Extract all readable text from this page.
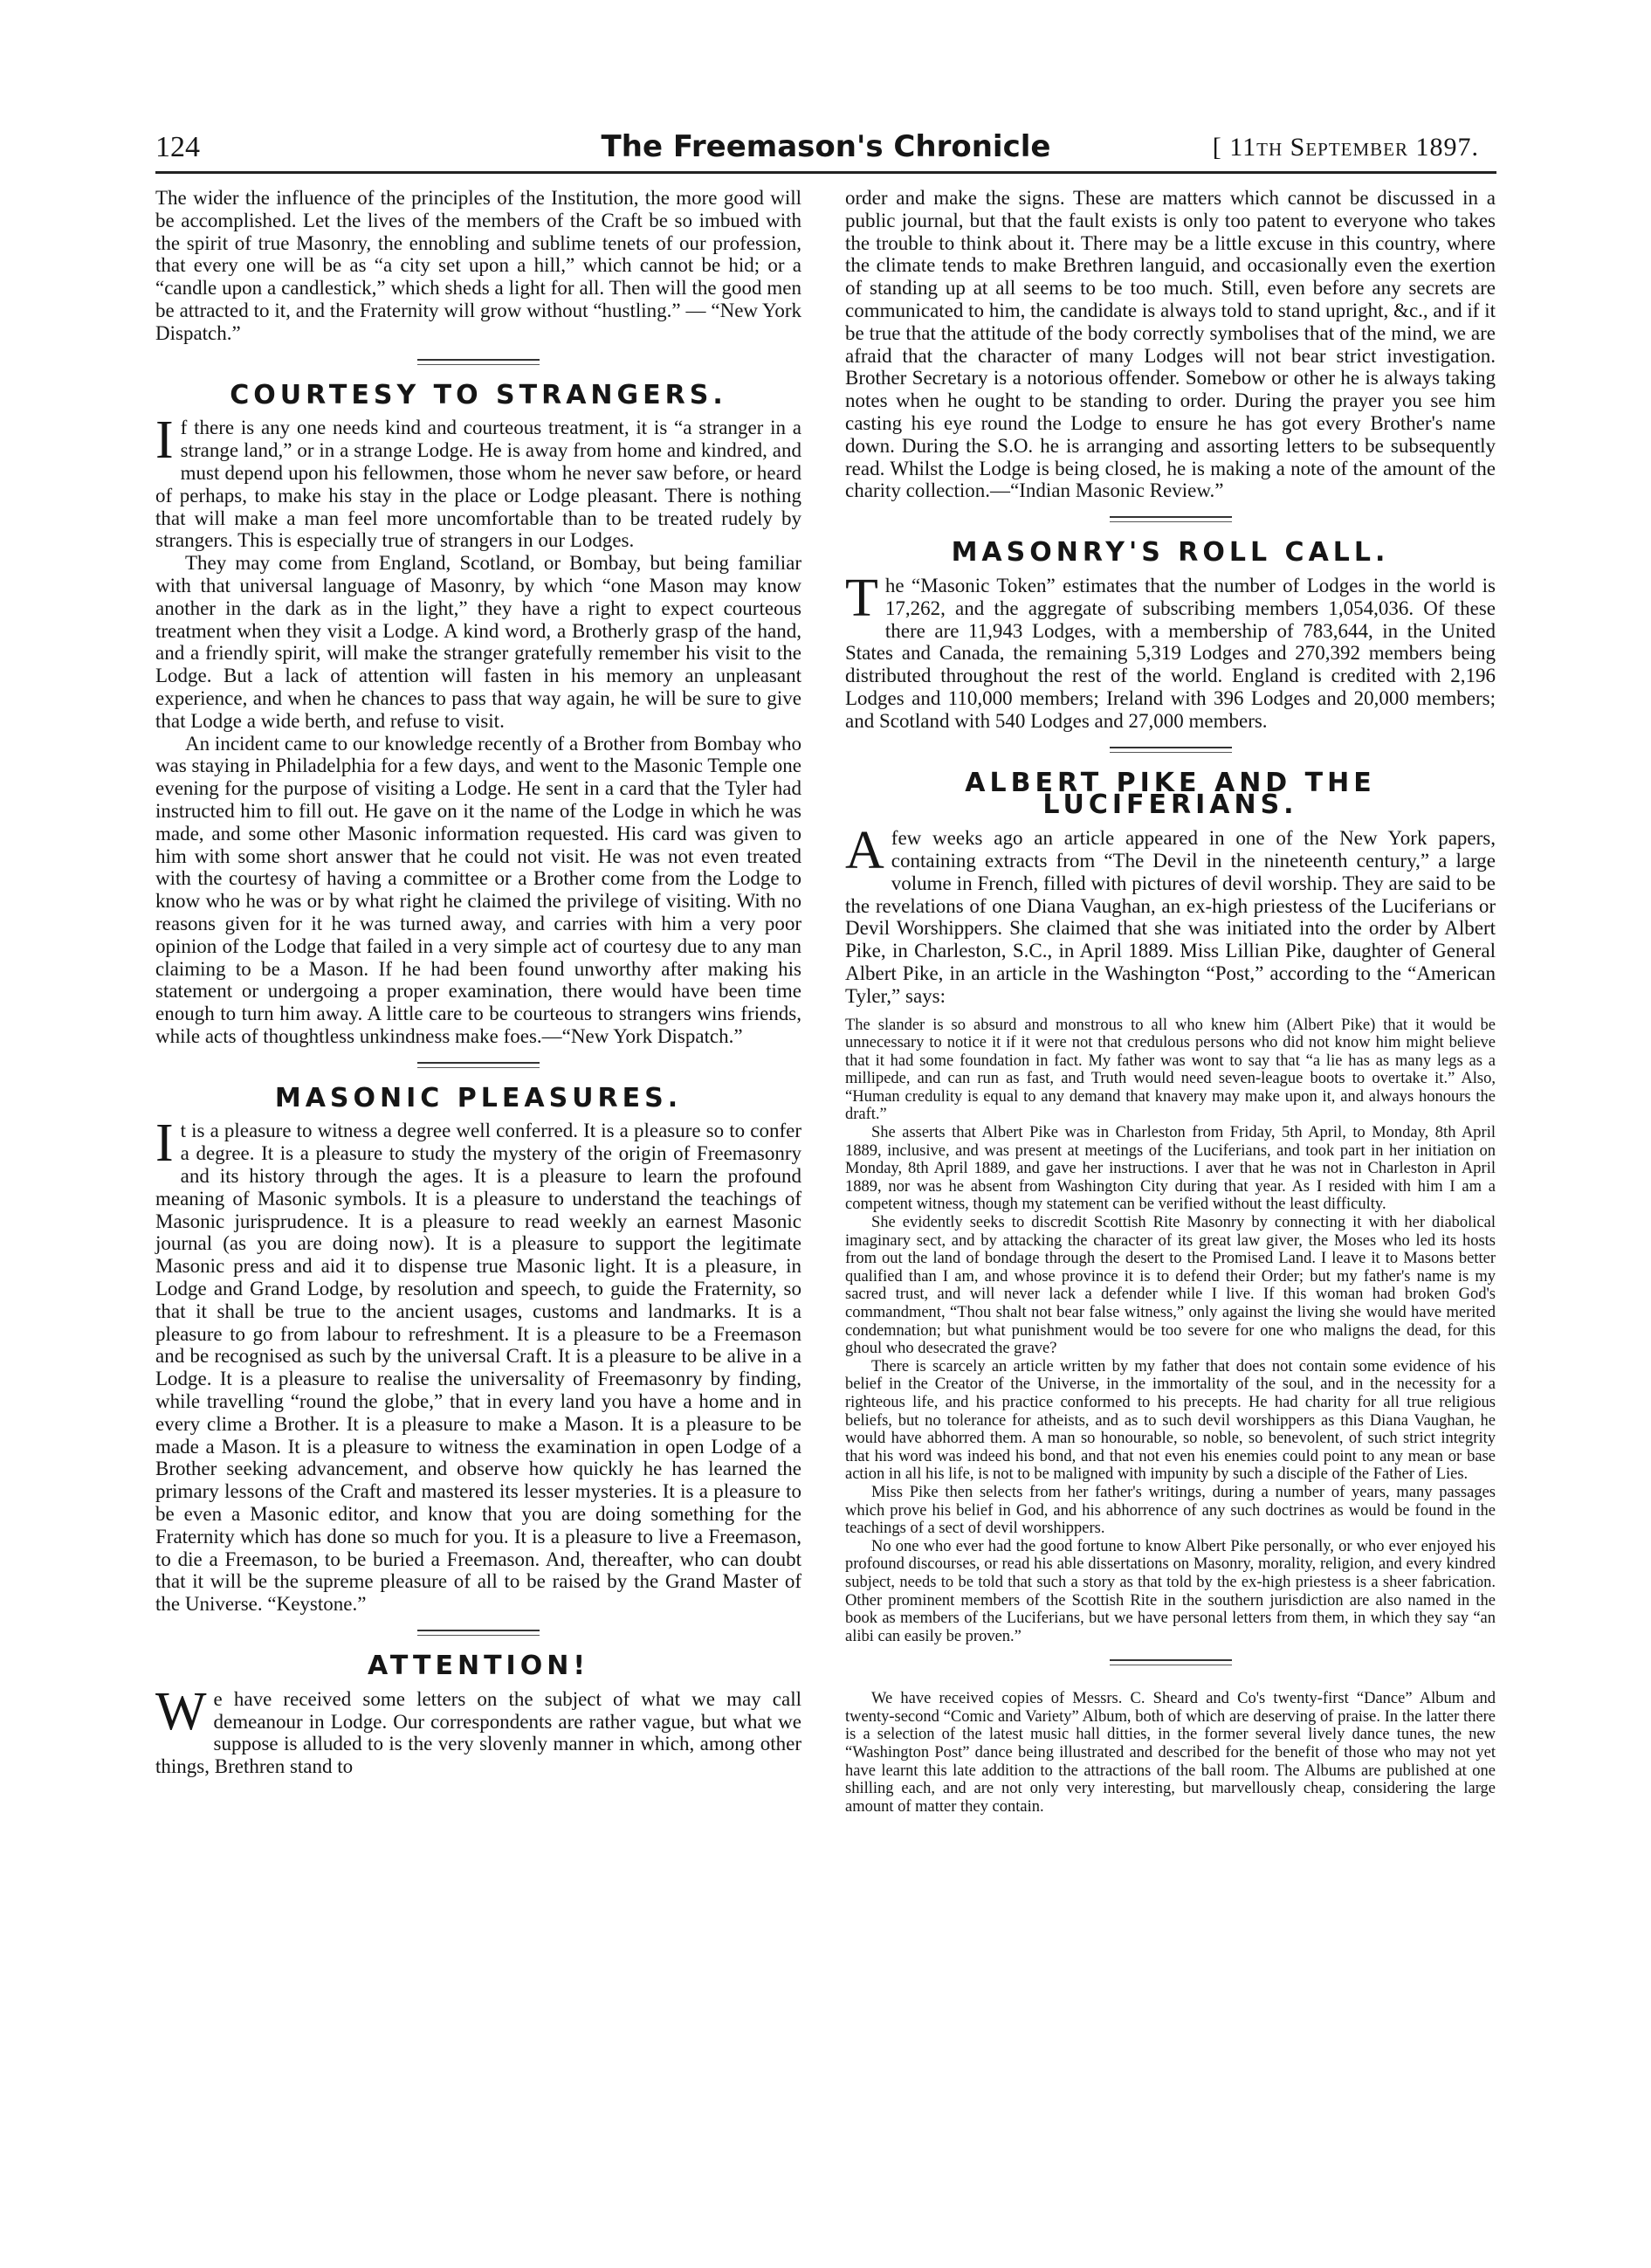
124	The Freemason's Chronicle	[ 11th September 1897.

The wider the influence of the principles of the Institution, the more good will be accomplished. Let the lives of the members of the Craft be so imbued with the spirit of true Masonry, the ennobling and sublime tenets of our profession, that every one will be as “a city set upon a hill,” which cannot be hid; or a “candle upon a candlestick,” which sheds a light for all. Then will the good men be attracted to it, and the Fraternity will grow without “hustling.” — “New York Dispatch.”

COURTESY TO STRANGERS.

If there is any one needs kind and courteous treatment, it is “a stranger in a strange land,” or in a strange Lodge. He is away from home and kindred, and must depend upon his fellowmen, those whom he never saw before, or heard of perhaps, to make his stay in the place or Lodge pleasant. There is nothing that will make a man feel more uncomfortable than to be treated rudely by strangers. This is especially true of strangers in our Lodges.

They may come from England, Scotland, or Bombay, but being familiar with that universal language of Masonry, by which “one Mason may know another in the dark as in the light,” they have a right to expect courteous treatment when they visit a Lodge. A kind word, a Brotherly grasp of the hand, and a friendly spirit, will make the stranger gratefully remember his visit to the Lodge. But a lack of attention will fasten in his memory an unpleasant experience, and when he chances to pass that way again, he will be sure to give that Lodge a wide berth, and refuse to visit.

An incident came to our knowledge recently of a Brother from Bombay who was staying in Philadelphia for a few days, and went to the Masonic Temple one evening for the purpose of visiting a Lodge. He sent in a card that the Tyler had instructed him to fill out. He gave on it the name of the Lodge in which he was made, and some other Masonic information requested. His card was given to him with some short answer that he could not visit. He was not even treated with the courtesy of having a committee or a Brother come from the Lodge to know who he was or by what right he claimed the privilege of visiting. With no reasons given for it he was turned away, and carries with him a very poor opinion of the Lodge that failed in a very simple act of courtesy due to any man claiming to be a Mason. If he had been found unworthy after making his statement or undergoing a proper examination, there would have been time enough to turn him away. A little care to be courteous to strangers wins friends, while acts of thoughtless unkindness make foes.—“New York Dispatch.”

MASONIC PLEASURES.

It is a pleasure to witness a degree well conferred. It is a pleasure so to confer a degree. It is a pleasure to study the mystery of the origin of Freemasonry and its history through the ages. It is a pleasure to learn the profound meaning of Masonic symbols. It is a pleasure to understand the teachings of Masonic jurisprudence. It is a pleasure to read weekly an earnest Masonic journal (as you are doing now). It is a pleasure to support the legitimate Masonic press and aid it to dispense true Masonic light. It is a pleasure, in Lodge and Grand Lodge, by resolution and speech, to guide the Fraternity, so that it shall be true to the ancient usages, customs and landmarks. It is a pleasure to go from labour to refreshment. It is a pleasure to be a Freemason and be recognised as such by the universal Craft. It is a pleasure to be alive in a Lodge. It is a pleasure to realise the universality of Freemasonry by finding, while travelling “round the globe,” that in every land you have a home and in every clime a Brother. It is a pleasure to make a Mason. It is a pleasure to be made a Mason. It is a pleasure to witness the examination in open Lodge of a Brother seeking advancement, and observe how quickly he has learned the primary lessons of the Craft and mastered its lesser mysteries. It is a pleasure to be even a Masonic editor, and know that you are doing something for the Fraternity which has done so much for you. It is a pleasure to live a Freemason, to die a Freemason, to be buried a Freemason. And, thereafter, who can doubt that it will be the supreme pleasure of all to be raised by the Grand Master of the Universe. “Keystone.”

ATTENTION!

We have received some letters on the subject of what we may call demeanour in Lodge. Our correspondents are rather vague, but what we suppose is alluded to is the very slovenly manner in which, among other things, Brethren stand to

order and make the signs. These are matters which cannot be discussed in a public journal, but that the fault exists is only too patent to everyone who takes the trouble to think about it. There may be a little excuse in this country, where the climate tends to make Brethren languid, and occasionally even the exertion of standing up at all seems to be too much. Still, even before any secrets are communicated to him, the candidate is always told to stand upright, &c., and if it be true that the attitude of the body correctly symbolises that of the mind, we are afraid that the character of many Lodges will not bear strict investigation. Brother Secretary is a notorious offender. Somebow or other he is always taking notes when he ought to be standing to order. During the prayer you see him casting his eye round the Lodge to ensure he has got every Brother's name down. During the S.O. he is arranging and assorting letters to be subsequently read. Whilst the Lodge is being closed, he is making a note of the amount of the charity collection.—“Indian Masonic Review.”

MASONRY'S ROLL CALL.

The “Masonic Token” estimates that the number of Lodges in the world is 17,262, and the aggregate of subscribing members 1,054,036. Of these there are 11,943 Lodges, with a membership of 783,644, in the United States and Canada, the remaining 5,319 Lodges and 270,392 members being distributed throughout the rest of the world. England is credited with 2,196 Lodges and 110,000 members; Ireland with 396 Lodges and 20,000 members; and Scotland with 540 Lodges and 27,000 members.

ALBERT PIKE AND THE LUCIFERIANS.

Afew weeks ago an article appeared in one of the New York papers, containing extracts from “The Devil in the nineteenth century,” a large volume in French, filled with pictures of devil worship. They are said to be the revelations of one Diana Vaughan, an ex-high priestess of the Luciferians or Devil Worshippers. She claimed that she was initiated into the order by Albert Pike, in Charleston, S.C., in April 1889. Miss Lillian Pike, daughter of General Albert Pike, in an article in the Washington “Post,” according to the “American Tyler,” says:

The slander is so absurd and monstrous to all who knew him (Albert Pike) that it would be unnecessary to notice it if it were not that credulous persons who did not know him might believe that it had some foundation in fact. My father was wont to say that “a lie has as many legs as a millipede, and can run as fast, and Truth would need seven-league boots to overtake it.” Also, “Human credulity is equal to any demand that knavery may make upon it, and always honours the draft.”

She asserts that Albert Pike was in Charleston from Friday, 5th April, to Monday, 8th April 1889, inclusive, and was present at meetings of the Luciferians, and took part in her initiation on Monday, 8th April 1889, and gave her instructions. I aver that he was not in Charleston in April 1889, nor was he absent from Washington City during that year. As I resided with him I am a competent witness, though my statement can be verified without the least difficulty.

She evidently seeks to discredit Scottish Rite Masonry by connecting it with her diabolical imaginary sect, and by attacking the character of its great law giver, the Moses who led its hosts from out the land of bondage through the desert to the Promised Land. I leave it to Masons better qualified than I am, and whose province it is to defend their Order; but my father's name is my sacred trust, and will never lack a defender while I live. If this woman had broken God's commandment, “Thou shalt not bear false witness,” only against the living she would have merited condemnation; but what punishment would be too severe for one who maligns the dead, for this ghoul who desecrated the grave?

There is scarcely an article written by my father that does not contain some evidence of his belief in the Creator of the Universe, in the immortality of the soul, and in the necessity for a righteous life, and his practice conformed to his precepts. He had charity for all true religious beliefs, but no tolerance for atheists, and as to such devil worshippers as this Diana Vaughan, he would have abhorred them. A man so honourable, so noble, so benevolent, of such strict integrity that his word was indeed his bond, and that not even his enemies could point to any mean or base action in all his life, is not to be maligned with impunity by such a disciple of the Father of Lies.

Miss Pike then selects from her father's writings, during a number of years, many passages which prove his belief in God, and his abhorrence of any such doctrines as would be found in the teachings of a sect of devil worshippers.

No one who ever had the good fortune to know Albert Pike personally, or who ever enjoyed his profound discourses, or read his able dissertations on Masonry, morality, religion, and every kindred subject, needs to be told that such a story as that told by the ex-high priestess is a sheer fabrication. Other prominent members of the Scottish Rite in the southern jurisdiction are also named in the book as members of the Luciferians, but we have personal letters from them, in which they say “an alibi can easily be proven.”

We have received copies of Messrs. C. Sheard and Co's twenty-first “Dance” Album and twenty-second “Comic and Variety” Album, both of which are deserving of praise. In the latter there is a selection of the latest music hall ditties, in the former several lively dance tunes, the new “Washington Post” dance being illustrated and described for the benefit of those who may not yet have learnt this late addition to the attractions of the ball room. The Albums are published at one shilling each, and are not only very interesting, but marvellously cheap, considering the large amount of matter they contain.
